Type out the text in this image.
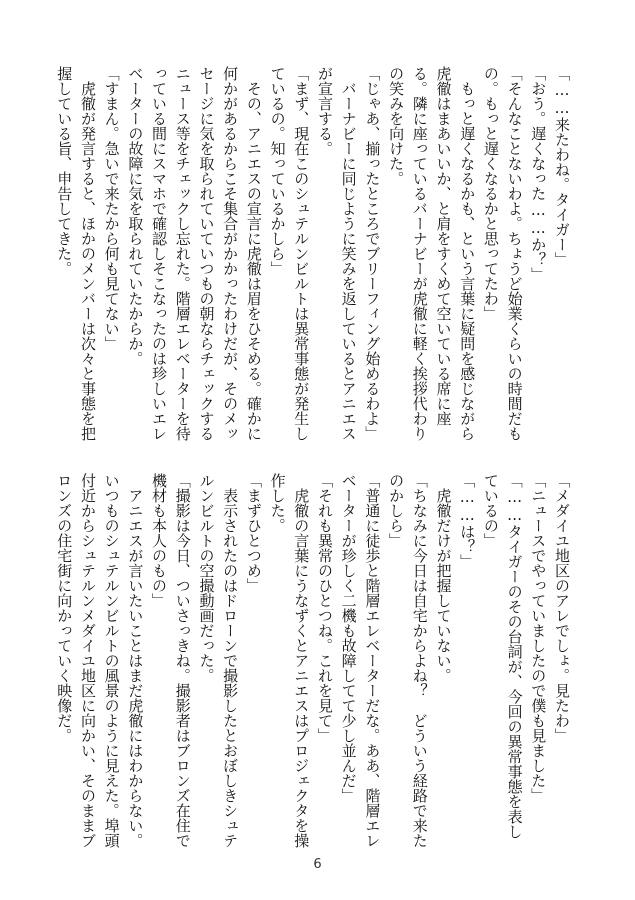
「……来たわね。タイガー」

「おう。遅くなった……か？」

「そんなことないわよ。ちょうど始業くらいの時間だもの。もっと遅くなるかと思ってたわ」

　もっと遅くなるかも、という言葉に疑問を感じながら虎徹はまあいいか、と肩をすくめて空いている席に座る。隣に座っているバーナビーが虎徹に軽く挨拶代わりの笑みを向けた。

「じゃあ、揃ったところでブリーフィング始めるわよ」

　バーナビーに同じように笑みを返しているとアニエスが宣言する。

「まず、現在このシュテルンビルトは異常事態が発生しているの。知っているかしら」

　その、アニエスの宣言に虎徹は眉をひそめる。確かに何かがあるからこそ集合がかかったわけだが、そのメッセージに気を取られていていつもの朝ならチェックするニュース等をチェックし忘れた。階層エレベーターを待っている間にスマホで確認しそこなったのは珍しいエレベーターの故障に気を取られていたからか。

「すまん。急いで来たから何も見てない」

　虎徹が発言すると、ほかのメンバーは次々と事態を把握している旨、申告してきた。

「メダイユ地区のアレでしょ。見たわ」

「ニュースでやっていましたので僕も見ました」

「……タイガーのその台詞が、今回の異常事態を表しているの」

「……は？」

　虎徹だけが把握していない。

「ちなみに今日は自宅からよね？　どういう経路で来たのかしら」

「普通に徒歩と階層エレベーターだな。ああ、階層エレベーターが珍しく二機も故障してて少し並んだ」

「それも異常のひとつね。これを見て」

　虎徹の言葉にうなずくとアニエスはプロジェクタを操作した。

「まずひとつめ」

　表示されたのはドローンで撮影したとおぼしきシュテルンビルトの空撮動画だった。

「撮影は今日、ついさっきね。撮影者はブロンズ在住で機材も本人のもの」

　アニエスが言いたいことはまだ虎徹にはわからない。いつものシュテルンビルトの風景のように見えた。埠頭付近からシュテルンメダイユ地区に向かい、そのままブロンズの住宅街に向かっていく映像だ。

6
